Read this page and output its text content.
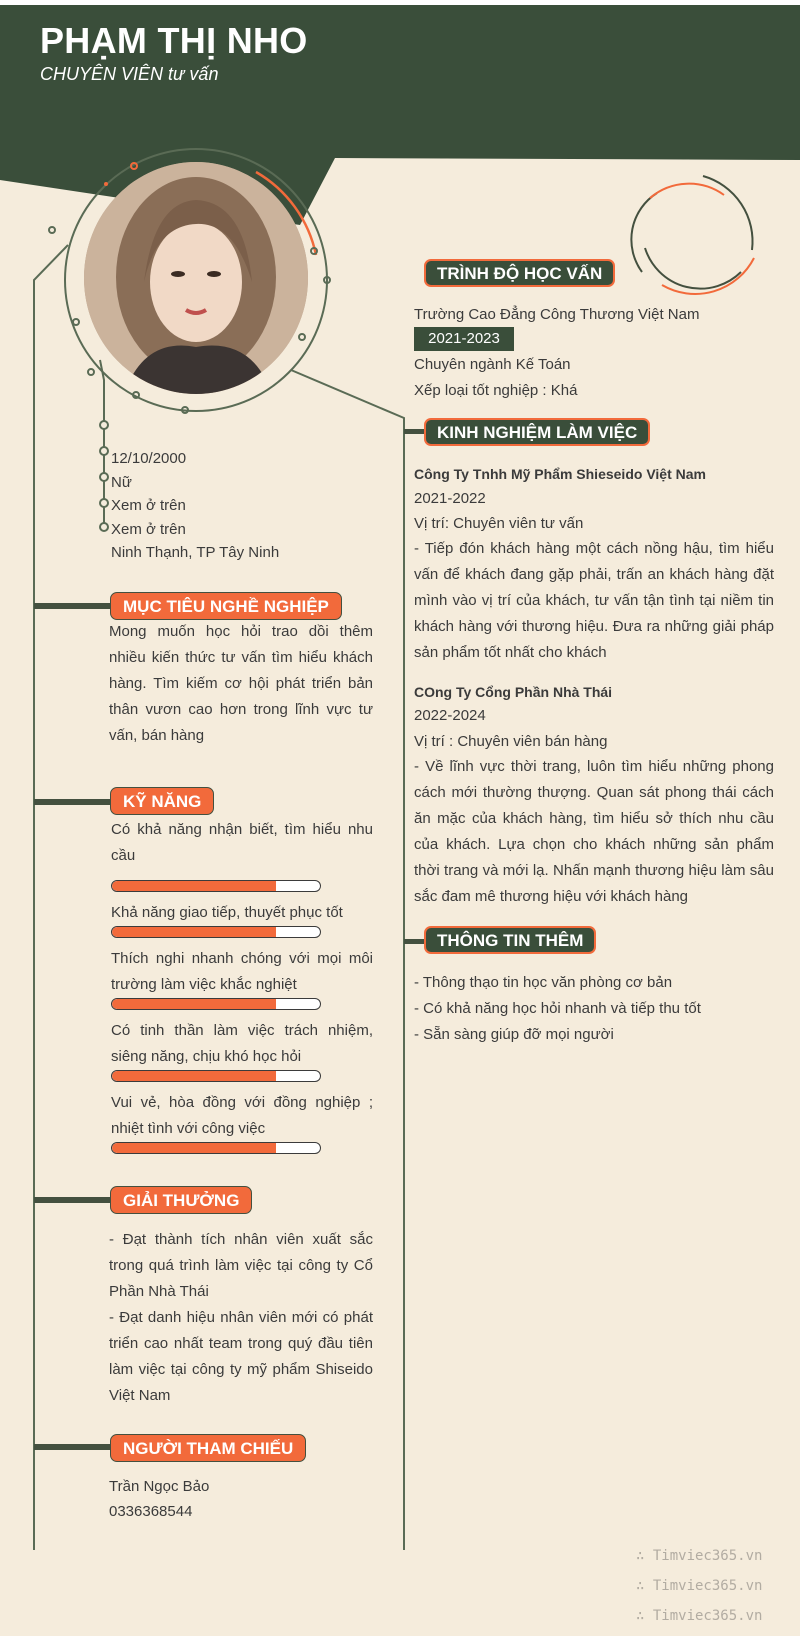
PHẠM THỊ NHO
CHUYÊN VIÊN tư vấn
12/10/2000
Nữ
Xem ở trên
Xem ở trên
Ninh Thạnh, TP Tây Ninh
MỤC TIÊU NGHỀ NGHIỆP
Mong muốn học hỏi trao dồi thêm nhiều kiến thức tư vấn tìm hiểu khách hàng. Tìm kiếm cơ hội phát triển bản thân vươn cao hơn trong lĩnh vực tư vấn, bán hàng
KỸ NĂNG
Có khả năng nhận biết, tìm hiểu nhu cầu
Khả năng giao tiếp, thuyết phục tốt
Thích nghi nhanh chóng với mọi môi trường làm việc khắc nghiệt
Có tinh thần làm việc trách nhiệm, siêng năng, chịu khó học hỏi
Vui vẻ, hòa đồng với đồng nghiệp ; nhiệt tình với công việc
GIẢI THƯỞNG
- Đạt thành tích nhân viên xuất sắc trong quá trình làm việc tại công ty Cổ Phần Nhà Thái
- Đạt danh hiệu nhân viên mới có phát triển cao nhất team trong quý đầu tiên làm việc tại công ty mỹ phẩm Shiseido Việt Nam
NGƯỜI THAM CHIẾU
Trần Ngọc Bảo
0336368544
TRÌNH ĐỘ HỌC VẤN
Trường Cao Đẳng Công Thương Việt Nam
2021-2023
Chuyên ngành Kế Toán
Xếp loại tốt nghiệp : Khá
KINH NGHIỆM LÀM VIỆC
Công Ty Tnhh Mỹ Phẩm Shieseido Việt Nam
2021-2022
Vị trí: Chuyên viên tư vấn
- Tiếp đón khách hàng một cách nồng hậu, tìm hiểu vấn để khách đang gặp phải, trấn an khách hàng đặt mình vào vị trí của khách, tư vấn tận tình tại niềm tin khách hàng với thương hiệu. Đưa ra những giải pháp sản phẩm tốt nhất cho khách
COng Ty Cổng Phần Nhà Thái
2022-2024
Vị trí : Chuyên viên bán hàng
- Về lĩnh vực thời trang, luôn tìm hiểu những phong cách mới thường thượng. Quan sát phong thái cách ăn mặc của khách hàng, tìm hiểu sở thích nhu cầu của khách. Lựa chọn cho khách những sản phẩm thời trang và mới lạ. Nhấn mạnh thương hiệu làm sâu sắc đam mê thương hiệu với khách hàng
THÔNG TIN THÊM
- Thông thạo tin học văn phòng cơ bản
- Có khả năng học hỏi nhanh và tiếp thu tốt
- Sẵn sàng giúp đỡ mọi người
∴ Timviec365.vn
∴ Timviec365.vn
∴ Timviec365.vn
